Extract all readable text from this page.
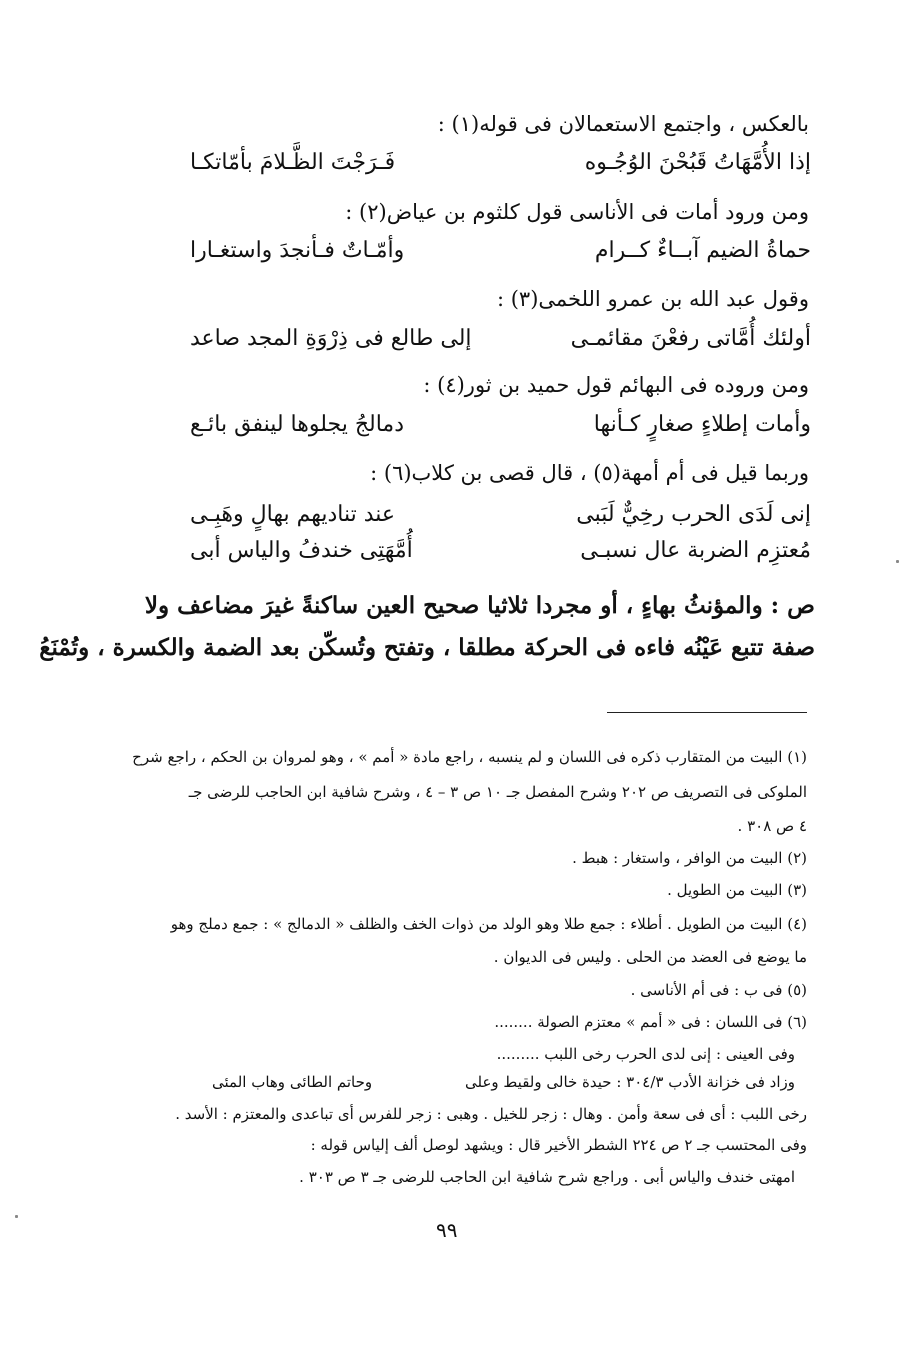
بالعكس ، واجتمع الاستعمالان فى قوله(١) :
إذا الأُمَّهَاتُ قَبُحْنَ الوُجُـوه
فَـرَجْتَ الظَّـلامَ بأمّاتكـا
ومن ورود أمات فى الأناسى قول كلثوم بن عياض(٢) :
حماةُ الضيم آبــاءٌ كــرام
وأمّـاتٌ فـأنجدَ واستغـارا
وقول عبد الله بن عمرو اللخمى(٣) :
أولئك أُمَّاتى رفعْنَ مقائمـى
إلى طالع فى ذِرْوَةِ المجد صاعد
ومن وروده فى البهائم قول حميد بن ثور(٤) :
وأمات إطلاءٍ صغارٍ كـأنها
دمالجُ يجلوها لينفق بائـع
وربما قيل فى أم أمهة(٥) ، قال قصى بن كلاب(٦) :
إنى لَدَى الحرب رخِيٌّ لَبَبى
عند تناديهم بهالٍ وهَبِـى
مُعتزِم الضربة عال نسبـى
أُمَّهَتِى خندفُ والياس أبى
ص : والمؤنثُ بهاءٍ ، أو مجردا ثلاثيا صحيح العين ساكنةً غيرَ مضاعف ولا
صفة تتبع عَيْنُه فاءه فى الحركة مطلقا ، وتفتح وتُسكّن بعد الضمة والكسرة ، وتُمْنَعُ
(١) البيت من المتقارب ذكره فى اللسان و لم ينسبه ، راجع مادة « أمم » ، وهو لمروان بن الحكم ، راجع شرح
الملوكى فى التصريف ص ٢٠٢ وشرح المفصل جـ ١٠ ص ٣ – ٤ ، وشرح شافية ابن الحاجب للرضى جـ
٤ ص ٣٠٨ .
(٢) البيت من الوافر ، واستغار : هبط .
(٣) البيت من الطويل .
(٤) البيت من الطويل . أطلاء : جمع طلا وهو الولد من ذوات الخف والظلف « الدمالج » : جمع دملج وهو
ما يوضع فى العضد من الحلى . وليس فى الديوان .
(٥) فى ب : فى أم الأناسى .
(٦) فى اللسان : فى « أمم » معتزم الصولة ........
وفى العينى : إنى لدى الحرب رخى اللبب .........
وزاد فى خزانة الأدب ٣٠٤/٣ : حيدة خالى ولقيط وعلى
وحاتم الطائى وهاب المئى
رخى اللبب : أى فى سعة وأمن . وهال : زجر للخيل . وهبى : زجر للفرس أى تباعدى والمعتزم : الأسد .
وفى المحتسب جـ ٢ ص ٢٢٤ الشطر الأخير قال : ويشهد لوصل ألف إلياس قوله :
امهتى خندف والياس أبى . وراجع شرح شافية ابن الحاجب للرضى جـ ٣ ص ٣٠٣ .
٩٩
